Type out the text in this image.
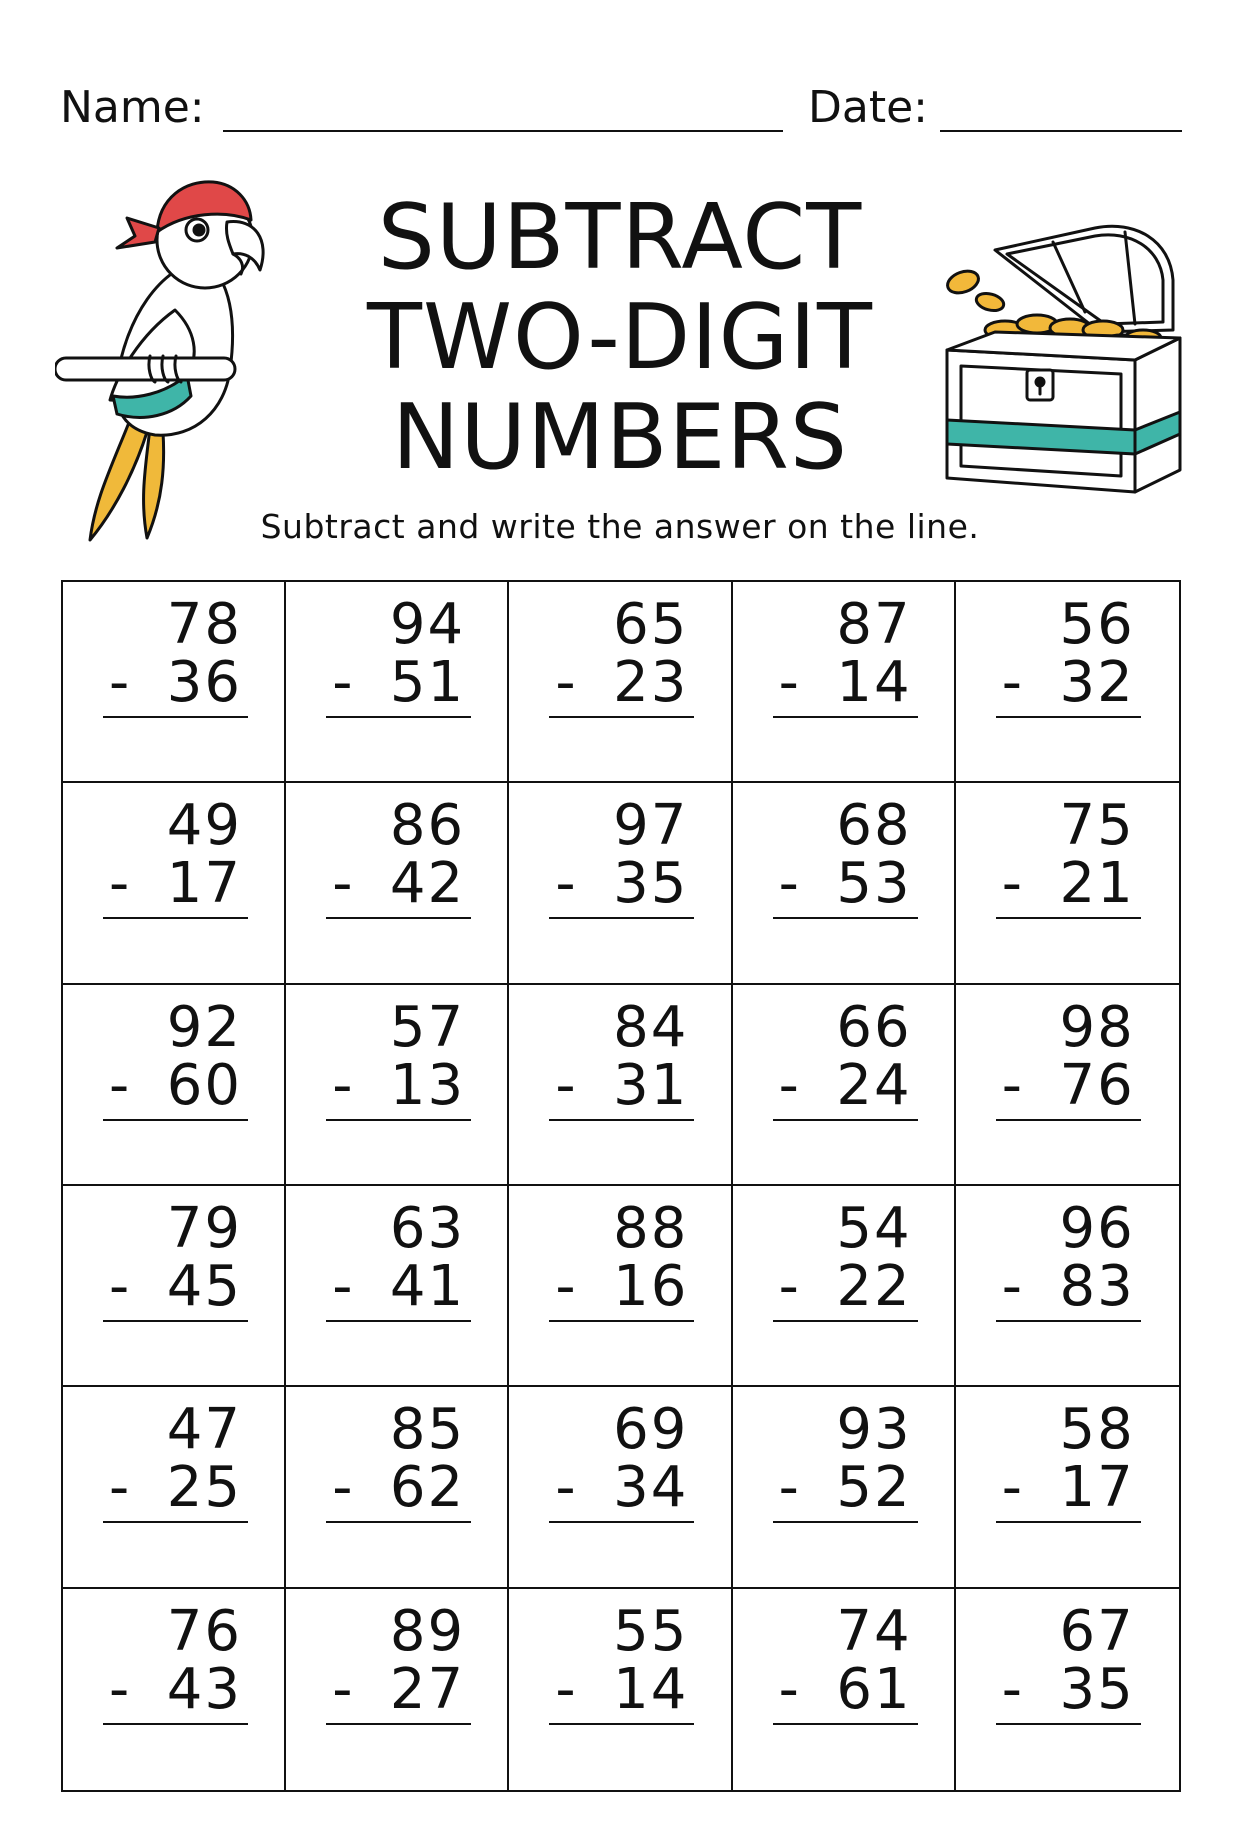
Name:	Date:
SUBTRACT
TWO-DIGIT
NUMBERS
Subtract and write the answer on the line.
78
- 36
94
- 51
65
- 23
87
- 14
56
- 32
49
- 17
86
- 42
97
- 35
68
- 53
75
- 21
92
- 60
57
- 13
84
- 31
66
- 24
98
- 76
79
- 45
63
- 41
88
- 16
54
- 22
96
- 83
47
- 25
85
- 62
69
- 34
93
- 52
58
- 17
76
- 43
89
- 27
55
- 14
74
- 61
67
- 35
